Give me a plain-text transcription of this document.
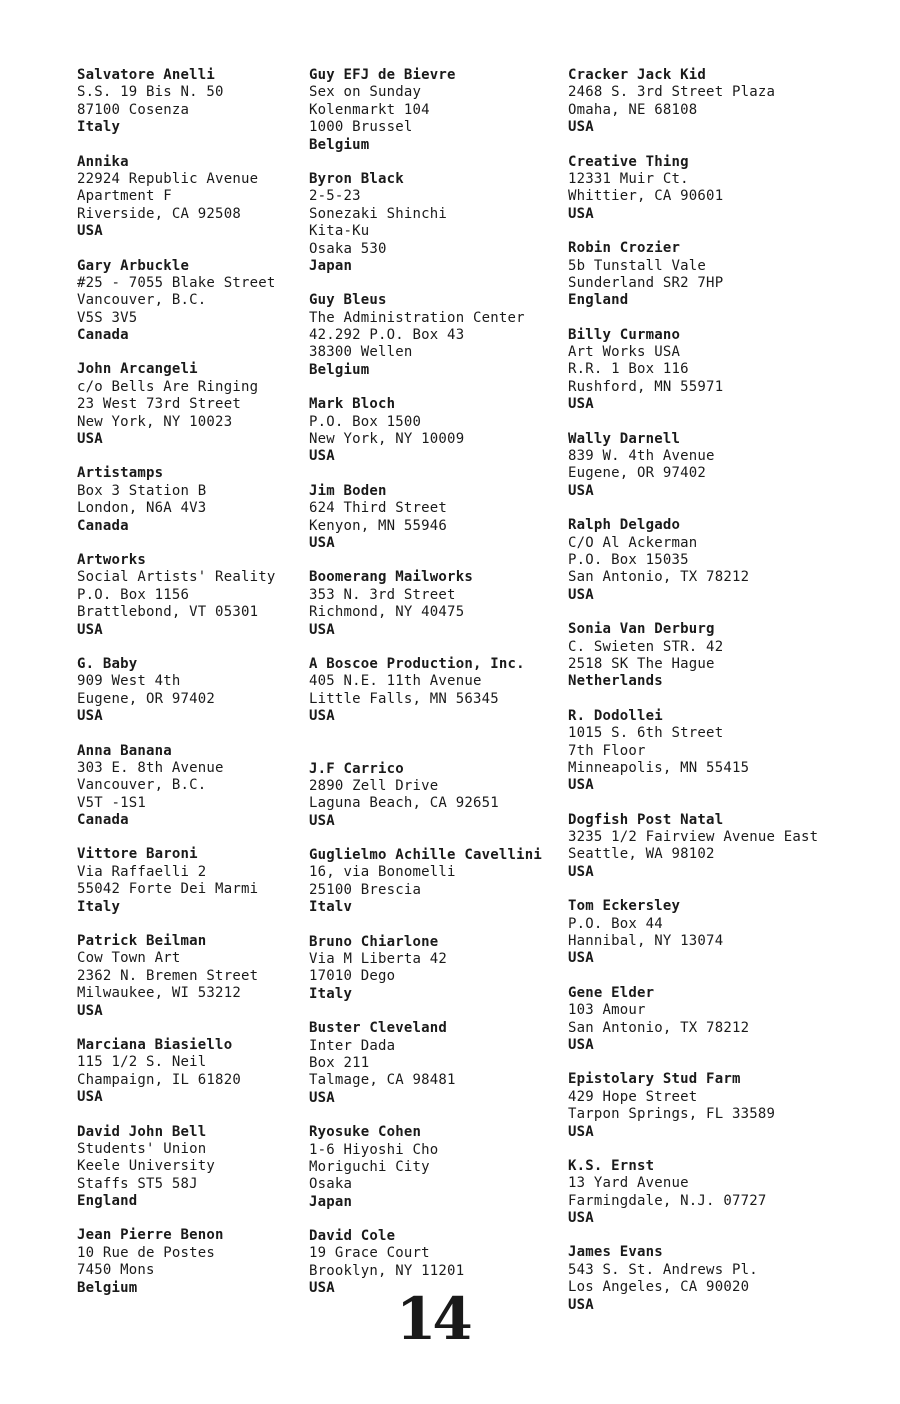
Salvatore Anelli
S.S. 19 Bis N. 50
87100 Cosenza
Italy
Annika
22924 Republic Avenue
Apartment F
Riverside, CA 92508
USA
Gary Arbuckle
#25 - 7055 Blake Street
Vancouver, B.C.
V5S 3V5
Canada
John Arcangeli
c/o Bells Are Ringing
23 West 73rd Street
New York, NY 10023
USA
Artistamps
Box 3 Station B
London, N6A 4V3
Canada
Artworks
Social Artists' Reality
P.O. Box 1156
Brattlebond, VT 05301
USA
G. Baby
909 West 4th
Eugene, OR 97402
USA
Anna Banana
303 E. 8th Avenue
Vancouver, B.C.
V5T -1S1
Canada
Vittore Baroni
Via Raffaelli 2
55042 Forte Dei Marmi
Italy
Patrick Beilman
Cow Town Art
2362 N. Bremen Street
Milwaukee, WI 53212
USA
Marciana Biasiello
115 1/2 S. Neil
Champaign, IL 61820
USA
David John Bell
Students' Union
Keele University
Staffs ST5 58J
England
Jean Pierre Benon
10 Rue de Postes
7450 Mons
Belgium
Guy EFJ de Bievre
Sex on Sunday
Kolenmarkt 104
1000 Brussel
Belgium
Byron Black
2-5-23
Sonezaki Shinchi
Kita-Ku
Osaka 530
Japan
Guy Bleus
The Administration Center
42.292 P.O. Box 43
38300 Wellen
Belgium
Mark Bloch
P.O. Box 1500
New York, NY 10009
USA
Jim Boden
624 Third Street
Kenyon, MN 55946
USA
Boomerang Mailworks
353 N. 3rd Street
Richmond, NY 40475
USA
A Boscoe Production, Inc.
405 N.E. 11th Avenue
Little Falls, MN 56345
USA
J.F Carrico
2890 Zell Drive
Laguna Beach, CA 92651
USA
Guglielmo Achille Cavellini
16, via Bonomelli
25100 Brescia
Italv
Bruno Chiarlone
Via M Liberta 42
17010 Dego
Italy
Buster Cleveland
Inter Dada
Box 211
Talmage, CA 98481
USA
Ryosuke Cohen
1-6 Hiyoshi Cho
Moriguchi City
Osaka
Japan
David Cole
19 Grace Court
Brooklyn, NY 11201
USA
Cracker Jack Kid
2468 S. 3rd Street Plaza
Omaha, NE 68108
USA
Creative Thing
12331 Muir Ct.
Whittier, CA 90601
USA
Robin Crozier
5b Tunstall Vale
Sunderland SR2 7HP
England
Billy Curmano
Art Works USA
R.R. 1 Box 116
Rushford, MN 55971
USA
Wally Darnell
839 W. 4th Avenue
Eugene, OR 97402
USA
Ralph Delgado
C/O Al Ackerman
P.O. Box 15035
San Antonio, TX 78212
USA
Sonia Van Derburg
C. Swieten STR. 42
2518 SK The Hague
Netherlands
R. Dodollei
1015 S. 6th Street
7th Floor
Minneapolis, MN 55415
USA
Dogfish Post Natal
3235 1/2 Fairview Avenue East
Seattle, WA 98102
USA
Tom Eckersley
P.O. Box 44
Hannibal, NY 13074
USA
Gene Elder
103 Amour
San Antonio, TX 78212
USA
Epistolary Stud Farm
429 Hope Street
Tarpon Springs, FL 33589
USA
K.S. Ernst
13 Yard Avenue
Farmingdale, N.J. 07727
USA
James Evans
543 S. St. Andrews Pl.
Los Angeles, CA 90020
USA
14
